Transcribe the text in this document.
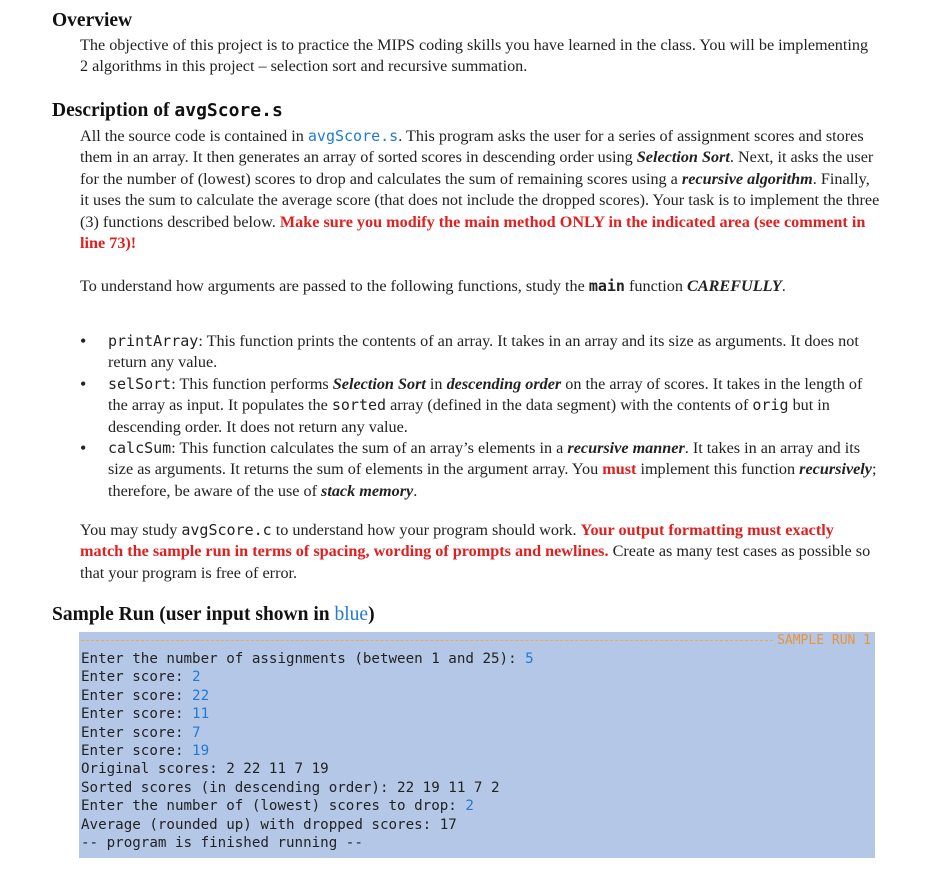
Overview

The objective of this project is to practice the MIPS coding skills you have learned in the class. You will be implementing 2 algorithms in this project – selection sort and recursive summation.

Description of avgScore.s

All the source code is contained in avgScore.s. This program asks the user for a series of assignment scores and stores them in an array. It then generates an array of sorted scores in descending order using Selection Sort. Next, it asks the user for the number of (lowest) scores to drop and calculates the sum of remaining scores using a recursive algorithm. Finally, it uses the sum to calculate the average score (that does not include the dropped scores). Your task is to implement the three (3) functions described below. Make sure you modify the main method ONLY in the indicated area (see comment in line 73)!

To understand how arguments are passed to the following functions, study the main function CAREFULLY.

• printArray: This function prints the contents of an array. It takes in an array and its size as arguments. It does not return any value.
• selSort: This function performs Selection Sort in descending order on the array of scores. It takes in the length of the array as input. It populates the sorted array (defined in the data segment) with the contents of orig but in descending order. It does not return any value.
• calcSum: This function calculates the sum of an array’s elements in a recursive manner. It takes in an array and its size as arguments. It returns the sum of elements in the argument array. You must implement this function recursively; therefore, be aware of the use of stack memory.

You may study avgScore.c to understand how your program should work. Your output formatting must exactly match the sample run in terms of spacing, wording of prompts and newlines. Create as many test cases as possible so that your program is free of error.

Sample Run (user input shown in blue)
SAMPLE RUN 1
Enter the number of assignments (between 1 and 25): 5
Enter score: 2
Enter score: 22
Enter score: 11
Enter score: 7
Enter score: 19
Original scores: 2 22 11 7 19
Sorted scores (in descending order): 22 19 11 7 2
Enter the number of (lowest) scores to drop: 2
Average (rounded up) with dropped scores: 17
-- program is finished running --
